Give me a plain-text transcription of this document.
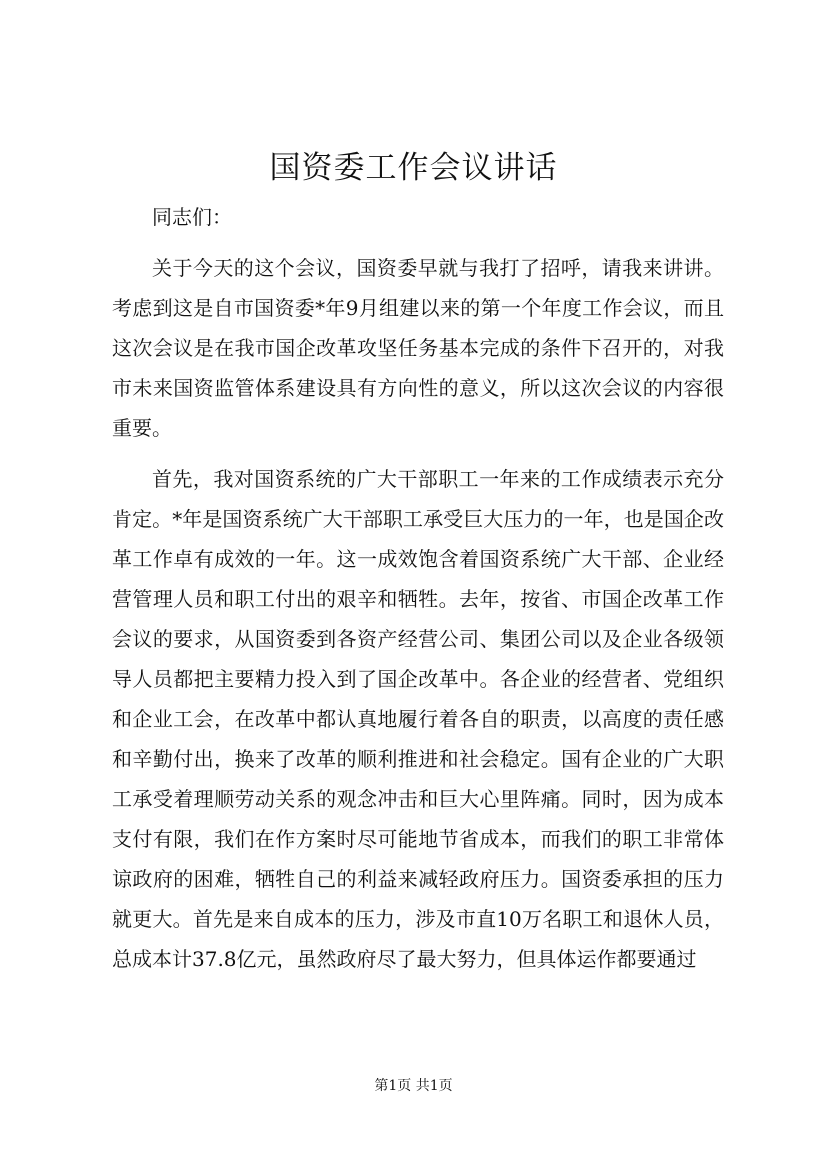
国资委工作会议讲话

同志们：

关于今天的这个会议，国资委早就与我打了招呼，请我来讲讲。考虑到这是自市国资委*年9月组建以来的第一个年度工作会议，而且这次会议是在我市国企改革攻坚任务基本完成的条件下召开的，对我市未来国资监管体系建设具有方向性的意义，所以这次会议的内容很重要。

首先，我对国资系统的广大干部职工一年来的工作成绩表示充分肯定。*年是国资系统广大干部职工承受巨大压力的一年，也是国企改革工作卓有成效的一年。这一成效饱含着国资系统广大干部、企业经营管理人员和职工付出的艰辛和牺牲。去年，按省、市国企改革工作会议的要求，从国资委到各资产经营公司、集团公司以及企业各级领导人员都把主要精力投入到了国企改革中。各企业的经营者、党组织和企业工会，在改革中都认真地履行着各自的职责，以高度的责任感和辛勤付出，换来了改革的顺利推进和社会稳定。国有企业的广大职工承受着理顺劳动关系的观念冲击和巨大心里阵痛。同时，因为成本支付有限，我们在作方案时尽可能地节省成本，而我们的职工非常体谅政府的困难，牺牲自己的利益来减轻政府压力。国资委承担的压力就更大。首先是来自成本的压力，涉及市直10万名职工和退休人员，总成本计37.8亿元，虽然政府尽了最大努力，但具体运作都要通过

第1页 共1页
